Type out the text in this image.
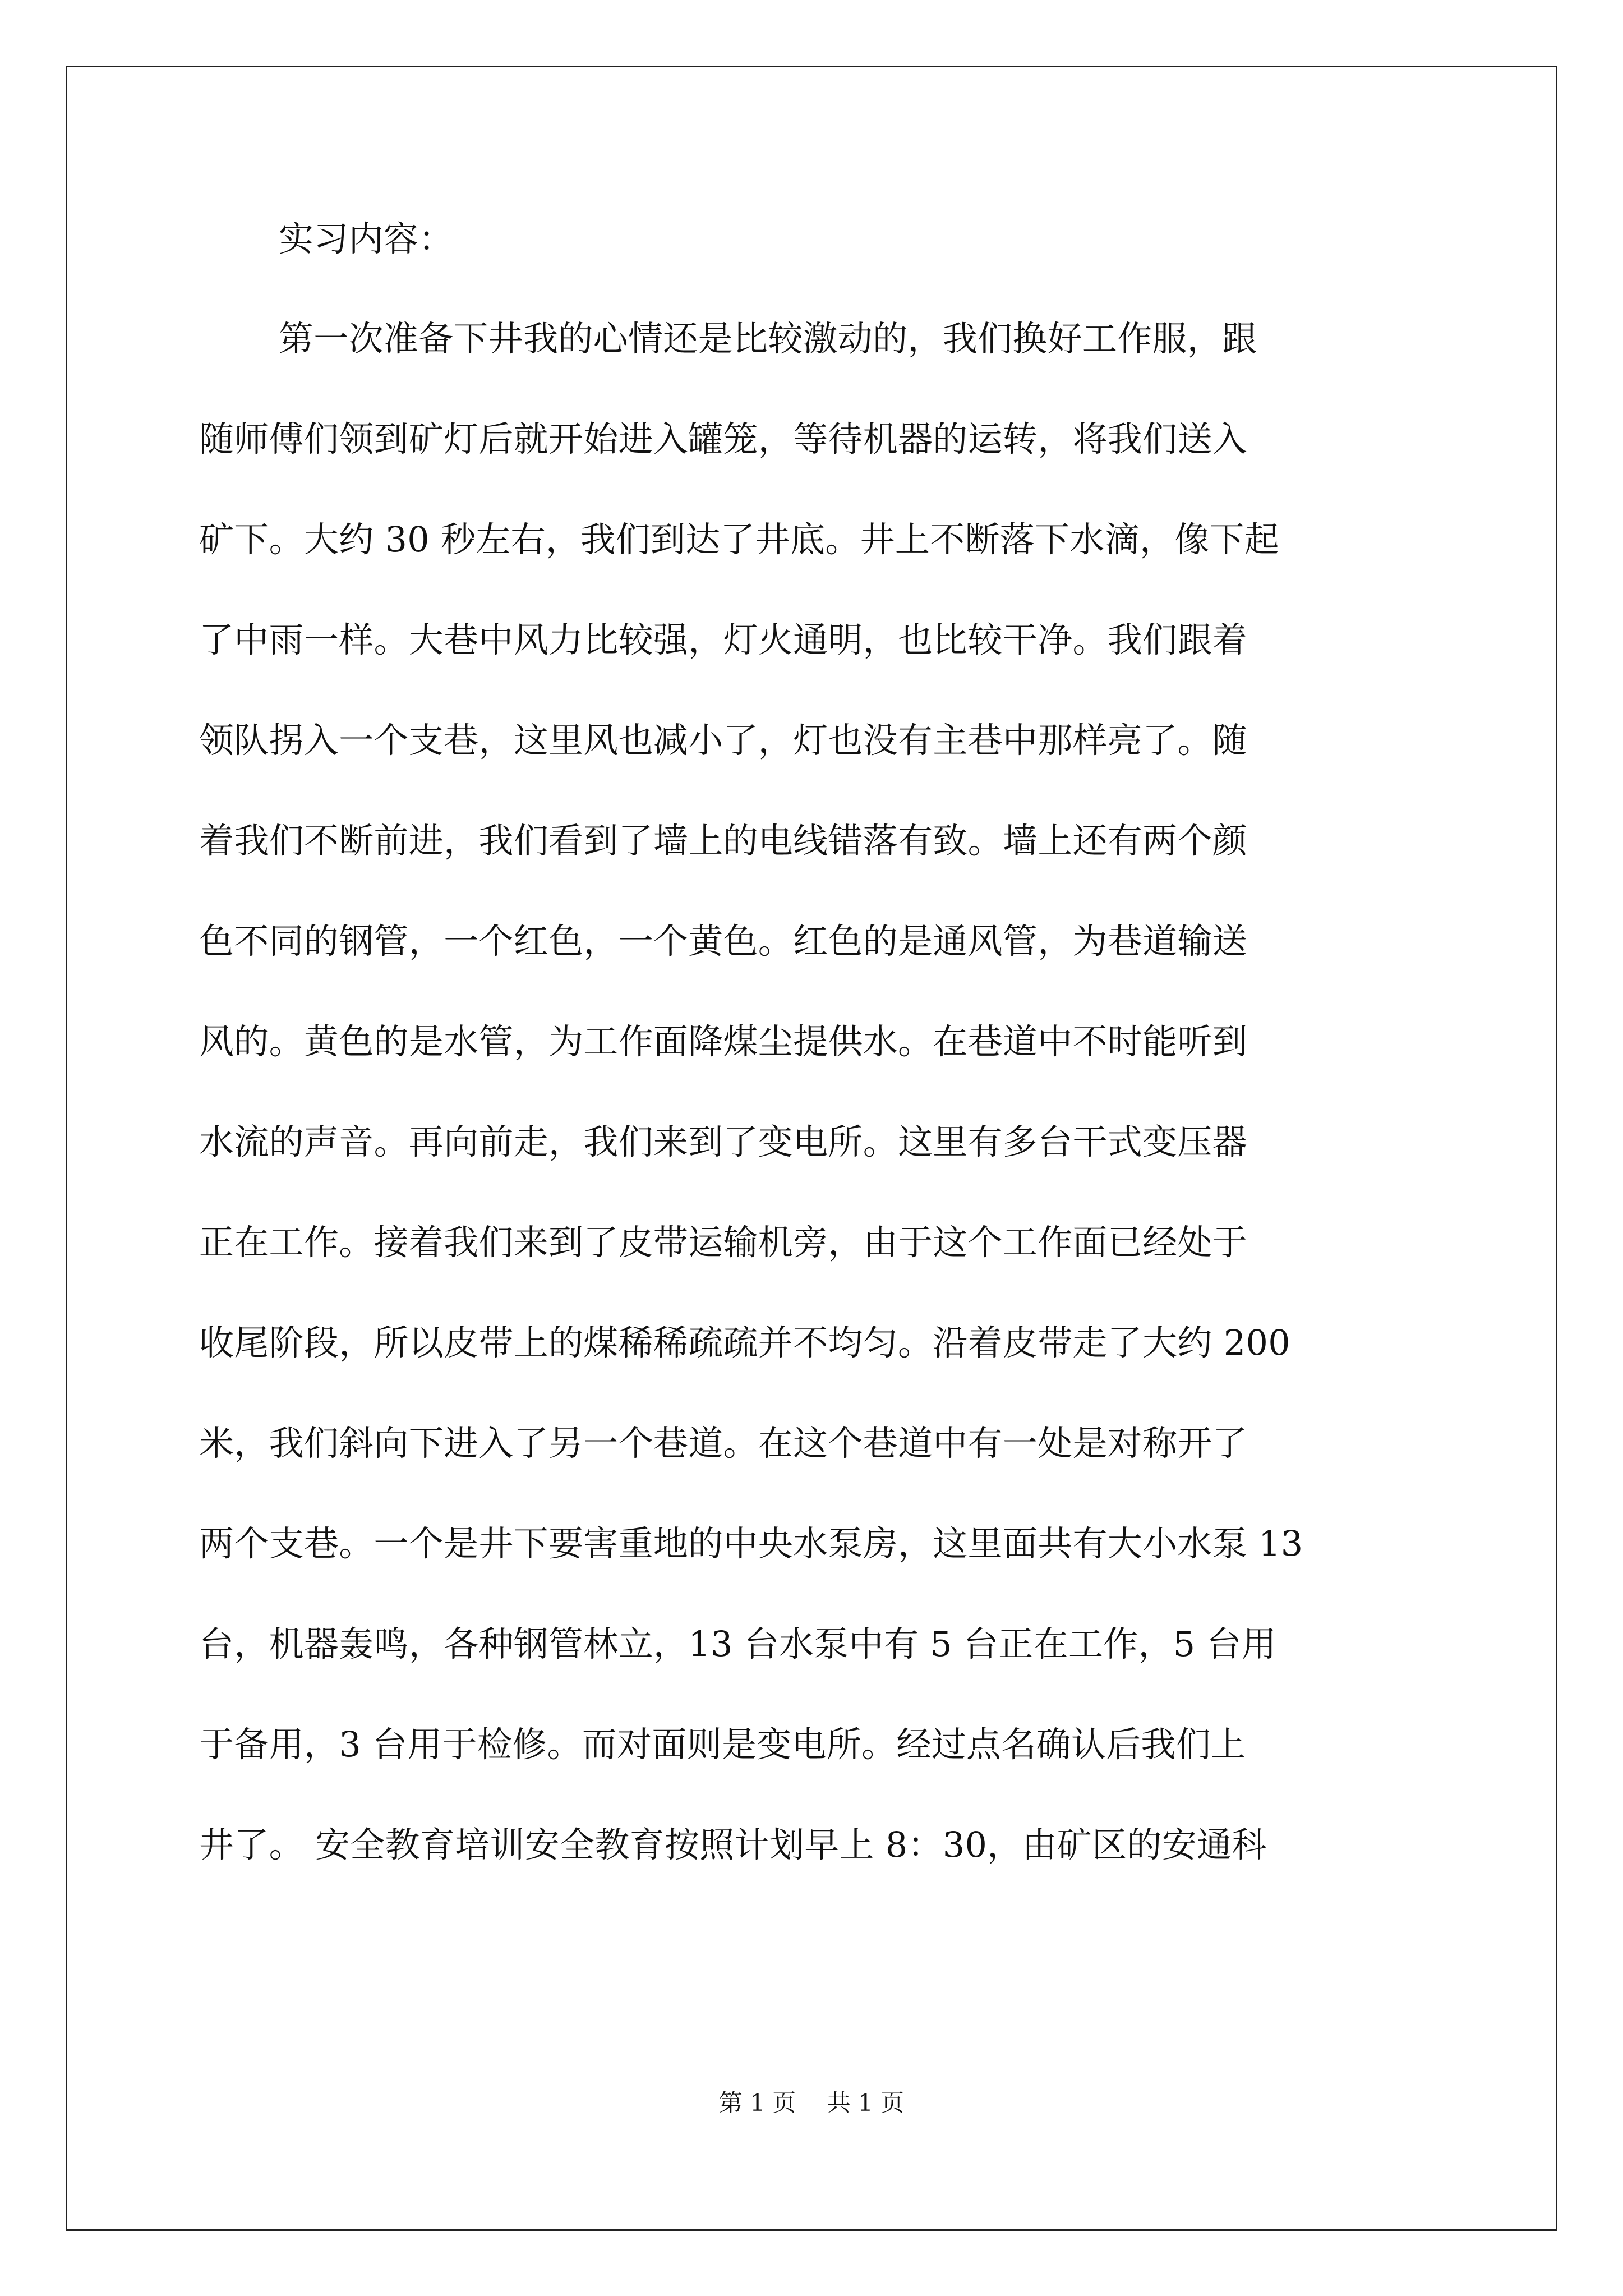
实习内容：

第一次准备下井我的心情还是比较激动的，我们换好工作服，跟

随师傅们领到矿灯后就开始进入罐笼，等待机器的运转，将我们送入

矿下。大约 30 秒左右，我们到达了井底。井上不断落下水滴，像下起

了中雨一样。大巷中风力比较强，灯火通明，也比较干净。我们跟着

领队拐入一个支巷，这里风也减小了，灯也没有主巷中那样亮了。随

着我们不断前进，我们看到了墙上的电线错落有致。墙上还有两个颜

色不同的钢管，一个红色，一个黄色。红色的是通风管，为巷道输送

风的。黄色的是水管，为工作面降煤尘提供水。在巷道中不时能听到

水流的声音。再向前走，我们来到了变电所。这里有多台干式变压器

正在工作。接着我们来到了皮带运输机旁，由于这个工作面已经处于

收尾阶段，所以皮带上的煤稀稀疏疏并不均匀。沿着皮带走了大约 200

米，我们斜向下进入了另一个巷道。在这个巷道中有一处是对称开了

两个支巷。一个是井下要害重地的中央水泵房，这里面共有大小水泵 13

台，机器轰鸣，各种钢管林立，13 台水泵中有 5 台正在工作，5 台用

于备用，3 台用于检修。而对面则是变电所。经过点名确认后我们上

井了。 安全教育培训安全教育按照计划早上 8：30，由矿区的安通科

第 1 页　 共 1 页
